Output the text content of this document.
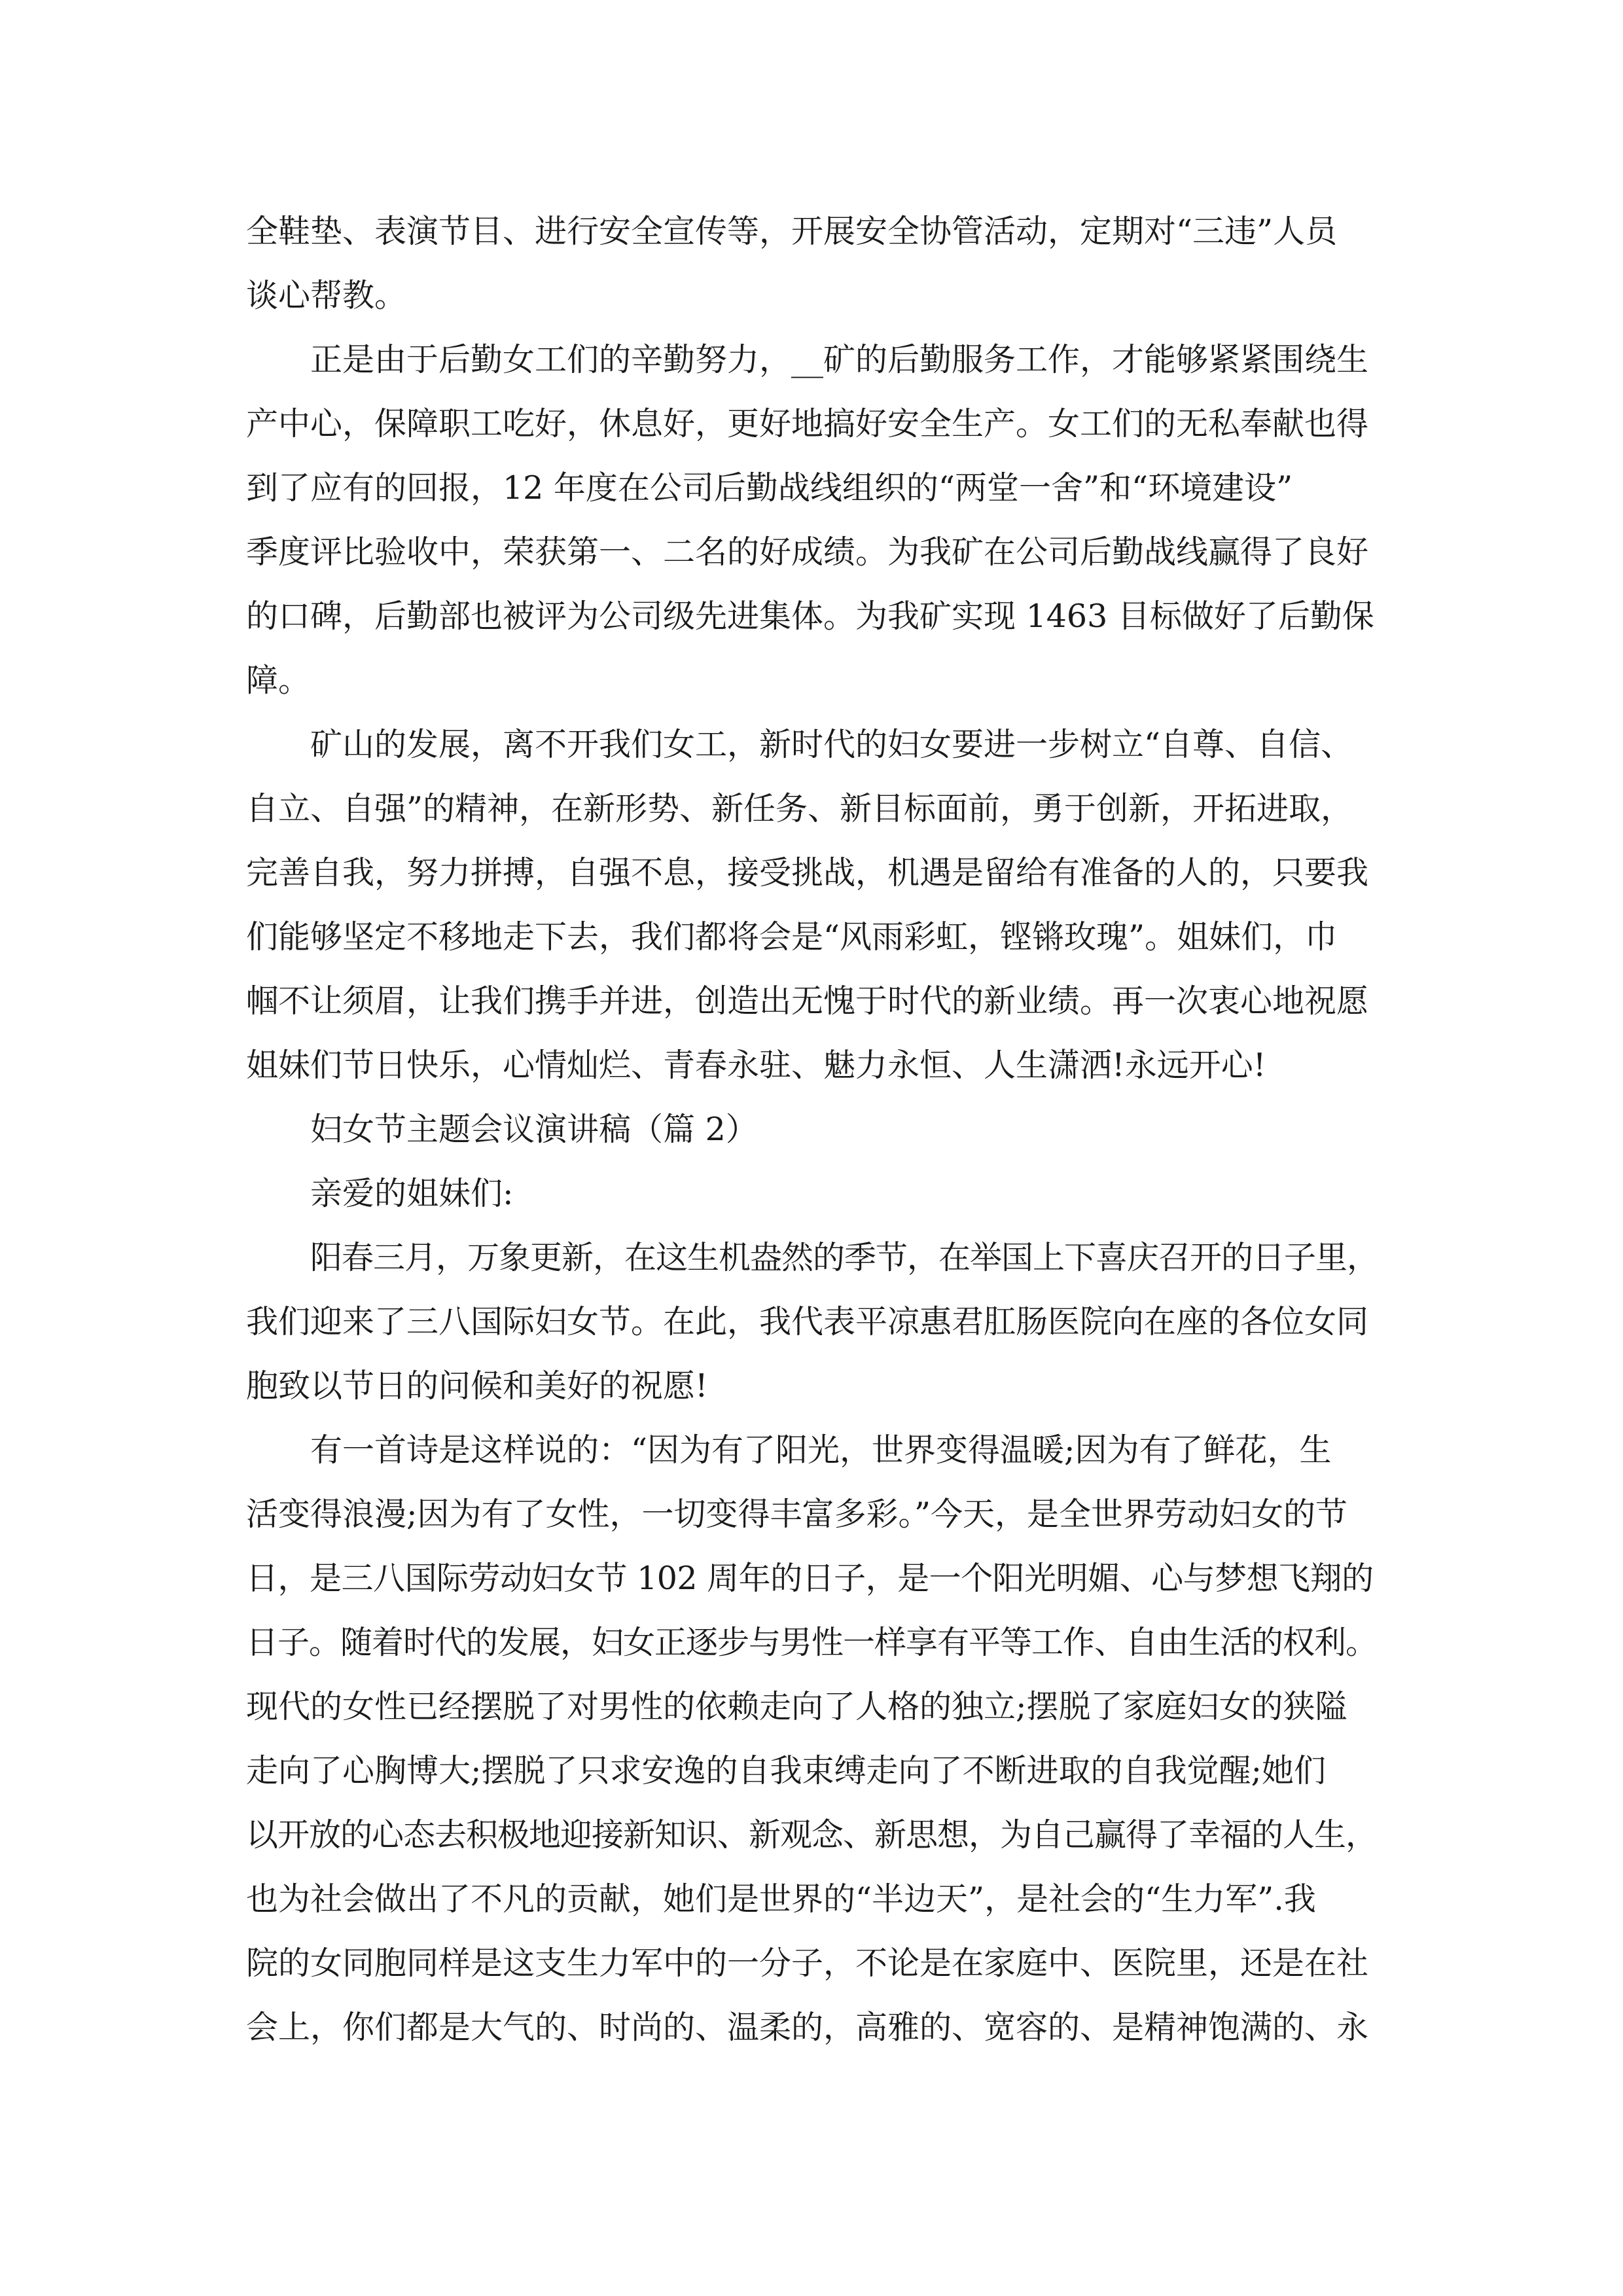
全鞋垫、表演节目、进行安全宣传等，开展安全协管活动，定期对“三违”人员
谈心帮教。

正是由于后勤女工们的辛勤努力，__矿的后勤服务工作，才能够紧紧围绕生
产中心，保障职工吃好，休息好，更好地搞好安全生产。女工们的无私奉献也得
到了应有的回报，12 年度在公司后勤战线组织的“两堂一舍”和“环境建设”
季度评比验收中，荣获第一、二名的好成绩。为我矿在公司后勤战线赢得了良好
的口碑，后勤部也被评为公司级先进集体。为我矿实现 1463 目标做好了后勤保
障。

矿山的发展，离不开我们女工，新时代的妇女要进一步树立“自尊、自信、
自立、自强”的精神，在新形势、新任务、新目标面前，勇于创新，开拓进取，
完善自我，努力拼搏，自强不息，接受挑战，机遇是留给有准备的人的，只要我
们能够坚定不移地走下去，我们都将会是“风雨彩虹，铿锵玫瑰”。姐妹们，巾
帼不让须眉，让我们携手并进，创造出无愧于时代的新业绩。再一次衷心地祝愿
姐妹们节日快乐，心情灿烂、青春永驻、魅力永恒、人生潇洒!永远开心!

妇女节主题会议演讲稿（篇 2）

亲爱的姐妹们:

阳春三月，万象更新，在这生机盎然的季节，在举国上下喜庆召开的日子里，
我们迎来了三八国际妇女节。在此，我代表平凉惠君肛肠医院向在座的各位女同
胞致以节日的问候和美好的祝愿!

有一首诗是这样说的：“因为有了阳光，世界变得温暖;因为有了鲜花，生
活变得浪漫;因为有了女性，一切变得丰富多彩。”今天，是全世界劳动妇女的节
日，是三八国际劳动妇女节 102 周年的日子，是一个阳光明媚、心与梦想飞翔的
日子。随着时代的发展，妇女正逐步与男性一样享有平等工作、自由生活的权利。
现代的女性已经摆脱了对男性的依赖走向了人格的独立;摆脱了家庭妇女的狭隘
走向了心胸博大;摆脱了只求安逸的自我束缚走向了不断进取的自我觉醒;她们
以开放的心态去积极地迎接新知识、新观念、新思想，为自己赢得了幸福的人生，
也为社会做出了不凡的贡献，她们是世界的“半边天”，是社会的“生力军”.我
院的女同胞同样是这支生力军中的一分子，不论是在家庭中、医院里，还是在社
会上，你们都是大气的、时尚的、温柔的，高雅的、宽容的、是精神饱满的、永
